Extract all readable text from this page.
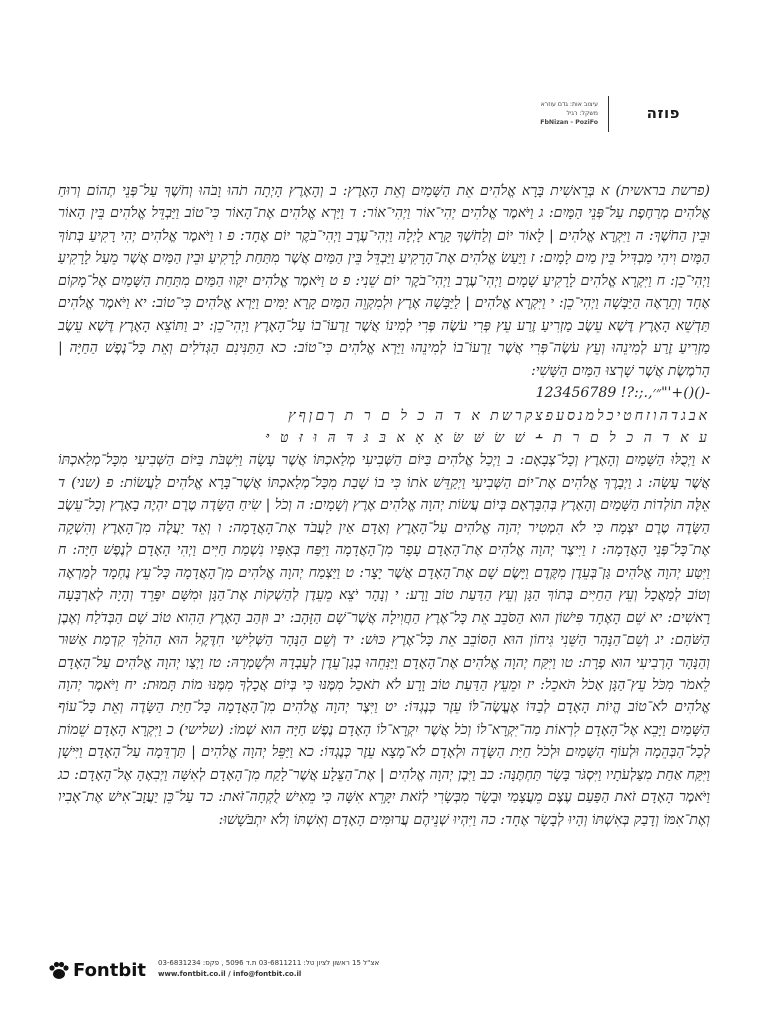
עיצוב אות: גדם עוזרא
משקל: רגיל
FbNizan - PoziFo
פוזה

(פרשת בראשית) א בְּרֵאשִׁית בָּרָא אֱלֹהִים אֵת הַשָּׁמַיִם וְאֵת הָאָרֶץ: ב וְהָאָרֶץ הָיְתָה תֹהוּ וָבֹהוּ וְחֹשֶׁךְ עַל־פְּנֵי תְהוֹם וְרוּחַ אֱלֹהִים מְרַחֶפֶת עַל־פְּנֵי הַמָּיִם: ג וַיֹּאמֶר אֱלֹהִים יְהִי־אוֹר וַיְהִי־אוֹר: ד וַיַּרְא אֱלֹהִים אֶת־הָאוֹר כִּי־טוֹב וַיַּבְדֵּל אֱלֹהִים בֵּין הָאוֹר וּבֵין הַחֹשֶׁךְ: ה וַיִּקְרָא אֱלֹהִים | לָאוֹר יוֹם וְלַחֹשֶׁךְ קָרָא לָיְלָה וַיְהִי־עֶרֶב וַיְהִי־בֹקֶר יוֹם אֶחָד: פ ו וַיֹּאמֶר אֱלֹהִים יְהִי רָקִיעַ בְּתוֹךְ הַמָּיִם וִיהִי מַבְדִּיל בֵּין מַיִם לָמָיִם: ז וַיַּעַשׂ אֱלֹהִים אֶת־הָרָקִיעַ וַיַּבְדֵּל בֵּין הַמַּיִם אֲשֶׁר מִתַּחַת לָרָקִיעַ וּבֵין הַמַּיִם אֲשֶׁר מֵעַל לָרָקִיעַ וַיְהִי־כֵן: ח וַיִּקְרָא אֱלֹהִים לָרָקִיעַ שָׁמָיִם וַיְהִי־עֶרֶב וַיְהִי־בֹקֶר יוֹם שֵׁנִי: פ ט וַיֹּאמֶר אֱלֹהִים יִקָּווּ הַמַּיִם מִתַּחַת הַשָּׁמַיִם אֶל־מָקוֹם אֶחָד וְתֵרָאֶה הַיַּבָּשָׁה וַיְהִי־כֵן: י וַיִּקְרָא אֱלֹהִים | לַיַּבָּשָׁה אֶרֶץ וּלְמִקְוֵה הַמַּיִם קָרָא יַמִּים וַיַּרְא אֱלֹהִים כִּי־טוֹב: יא וַיֹּאמֶר אֱלֹהִים תַּדְשֵׁא הָאָרֶץ דֶּשֶׁא עֵשֶׂב מַזְרִיעַ זֶרַע עֵץ פְּרִי עֹשֶׂה פְּרִי לְמִינוֹ אֲשֶׁר זַרְעוֹ־בוֹ עַל־הָאָרֶץ וַיְהִי־כֵן: יב וַתּוֹצֵא הָאָרֶץ דֶּשֶׁא עֵשֶׂב מַזְרִיעַ זֶרַע לְמִינֵהוּ וְעֵץ עֹשֶׂה־פְּרִי אֲשֶׁר זַרְעוֹ־בוֹ לְמִינֵהוּ וַיַּרְא אֱלֹהִים כִּי־טוֹב: כא הַתַּנִּינִם הַגְּדֹלִים וְאֵת כָּל־נֶפֶשׁ הַחַיָּה | הָרֹמֶשֶׂת אֲשֶׁר שָׁרְצוּ הַמַּיִם הַשָּׁשִׁי:

123456789 !?:;.,״׳"'+()()-

אבגדהוזחטיכלמנסעפצקרשת ﬡ ﬢ ﬣ ﬤ ﬥ ﬦ ﬧ ﬨ ךםןףץ

ﬠ ﬡ ﬢ ﬣ ﬤ ﬥ ﬦ ﬧ ﬨ ﬩ שׁ שׂ שּׁ שּׂ אַ אָ אּ בּ גּ דּ הּ וּ זּ טּ יּ

א וַיְכֻלּוּ הַשָּׁמַיִם וְהָאָרֶץ וְכָל־צְבָאָם: ב וַיְכַל אֱלֹהִים בַּיּוֹם הַשְּׁבִיעִי מְלַאכְתּוֹ אֲשֶׁר עָשָׂה וַיִּשְׁבֹּת בַּיּוֹם הַשְּׁבִיעִי מִכָּל־מְלַאכְתּוֹ אֲשֶׁר עָשָׂה: ג וַיְבָרֶךְ אֱלֹהִים אֶת־יוֹם הַשְּׁבִיעִי וַיְקַדֵּשׁ אֹתוֹ כִּי בוֹ שָׁבַת מִכָּל־מְלַאכְתּוֹ אֲשֶׁר־בָּרָא אֱלֹהִים לַעֲשׂוֹת: פ (שני) ד אֵלֶּה תוֹלְדוֹת הַשָּׁמַיִם וְהָאָרֶץ בְּהִבָּרְאָם בְּיוֹם עֲשׂוֹת יְהוָה אֱלֹהִים אֶרֶץ וְשָׁמָיִם: ה וְכֹל | שִׂיחַ הַשָּׂדֶה טֶרֶם יִהְיֶה בָאָרֶץ וְכָל־עֵשֶׂב הַשָּׂדֶה טֶרֶם יִצְמָח כִּי לֹא הִמְטִיר יְהוָה אֱלֹהִים עַל־הָאָרֶץ וְאָדָם אַיִן לַעֲבֹד אֶת־הָאֲדָמָה: ו וְאֵד יַעֲלֶה מִן־הָאָרֶץ וְהִשְׁקָה אֶת־כָּל־פְּנֵי הָאֲדָמָה: ז וַיִּיצֶר יְהוָה אֱלֹהִים אֶת־הָאָדָם עָפָר מִן־הָאֲדָמָה וַיִּפַּח בְּאַפָּיו נִשְׁמַת חַיִּים וַיְהִי הָאָדָם לְנֶפֶשׁ חַיָּה: ח וַיִּטַּע יְהוָה אֱלֹהִים גַּן־בְּעֵדֶן מִקֶּדֶם וַיָּשֶׂם שָׁם אֶת־הָאָדָם אֲשֶׁר יָצָר: ט וַיַּצְמַח יְהוָה אֱלֹהִים מִן־הָאֲדָמָה כָּל־עֵץ נֶחְמָד לְמַרְאֶה וְטוֹב לְמַאֲכָל וְעֵץ הַחַיִּים בְּתוֹךְ הַגָּן וְעֵץ הַדַּעַת טוֹב וָרָע: י וְנָהָר יֹצֵא מֵעֵדֶן לְהַשְׁקוֹת אֶת־הַגָּן וּמִשָּׁם יִפָּרֵד וְהָיָה לְאַרְבָּעָה רָאשִׁים: יא שֵׁם הָאֶחָד פִּישׁוֹן הוּא הַסֹּבֵב אֵת כָּל־אֶרֶץ הַחֲוִילָה אֲשֶׁר־שָׁם הַזָּהָב: יב וּזְהַב הָאָרֶץ הַהִוא טוֹב שָׁם הַבְּדֹלַח וְאֶבֶן הַשֹּׁהַם: יג וְשֵׁם־הַנָּהָר הַשֵּׁנִי גִּיחוֹן הוּא הַסּוֹבֵב אֵת כָּל־אֶרֶץ כּוּשׁ: יד וְשֵׁם הַנָּהָר הַשְּׁלִישִׁי חִדֶּקֶל הוּא הַהֹלֵךְ קִדְמַת אַשּׁוּר וְהַנָּהָר הָרְבִיעִי הוּא פְרָת: טו וַיִּקַּח יְהוָה אֱלֹהִים אֶת־הָאָדָם וַיַּנִּחֵהוּ בְגַן־עֵדֶן לְעָבְדָהּ וּלְשָׁמְרָהּ: טז וַיְצַו יְהוָה אֱלֹהִים עַל־הָאָדָם לֵאמֹר מִכֹּל עֵץ־הַגָּן אָכֹל תֹּאכֵל: יז וּמֵעֵץ הַדַּעַת טוֹב וָרָע לֹא תֹאכַל מִמֶּנּוּ כִּי בְּיוֹם אֲכָלְךָ מִמֶּנּוּ מוֹת תָּמוּת: יח וַיֹּאמֶר יְהוָה אֱלֹהִים לֹא־טוֹב הֱיוֹת הָאָדָם לְבַדּוֹ אֶעֱשֶׂה־לּוֹ עֵזֶר כְּנֶגְדּוֹ: יט וַיִּצֶר יְהוָה אֱלֹהִים מִן־הָאֲדָמָה כָּל־חַיַּת הַשָּׂדֶה וְאֵת כָּל־עוֹף הַשָּׁמַיִם וַיָּבֵא אֶל־הָאָדָם לִרְאוֹת מַה־יִּקְרָא־לוֹ וְכֹל אֲשֶׁר יִקְרָא־לוֹ הָאָדָם נֶפֶשׁ חַיָּה הוּא שְׁמוֹ: (שלישי) כ וַיִּקְרָא הָאָדָם שֵׁמוֹת לְכָל־הַבְּהֵמָה וּלְעוֹף הַשָּׁמַיִם וּלְכֹל חַיַּת הַשָּׂדֶה וּלְאָדָם לֹא־מָצָא עֵזֶר כְּנֶגְדּוֹ: כא וַיַּפֵּל יְהוָה אֱלֹהִים | תַּרְדֵּמָה עַל־הָאָדָם וַיִּישָׁן וַיִּקַּח אַחַת מִצַּלְעֹתָיו וַיִּסְגֹּר בָּשָׂר תַּחְתֶּנָּה: כב וַיִּבֶן יְהוָה אֱלֹהִים | אֶת־הַצֵּלָע אֲשֶׁר־לָקַח מִן־הָאָדָם לְאִשָּׁה וַיְבִאֶהָ אֶל־הָאָדָם: כג וַיֹּאמֶר הָאָדָם זֹאת הַפַּעַם עֶצֶם מֵעֲצָמַי וּבָשָׂר מִבְּשָׂרִי לְזֹאת יִקָּרֵא אִשָּׁה כִּי מֵאִישׁ לֻקְחָה־זֹּאת: כד עַל־כֵּן יַעֲזָב־אִישׁ אֶת־אָבִיו וְאֶת־אִמּוֹ וְדָבַק בְּאִשְׁתּוֹ וְהָיוּ לְבָשָׂר אֶחָד: כה וַיִּהְיוּ שְׁנֵיהֶם עֲרוּמִּים הָאָדָם וְאִשְׁתּוֹ וְלֹא יִתְבֹּשָׁשׁוּ:

Fontbit אצ"ל 15 ראשון לציון טל: 03-6811211 ת.ד 5096 , פקס: 03-6831234
www.fontbit.co.il / info@fontbit.co.il
